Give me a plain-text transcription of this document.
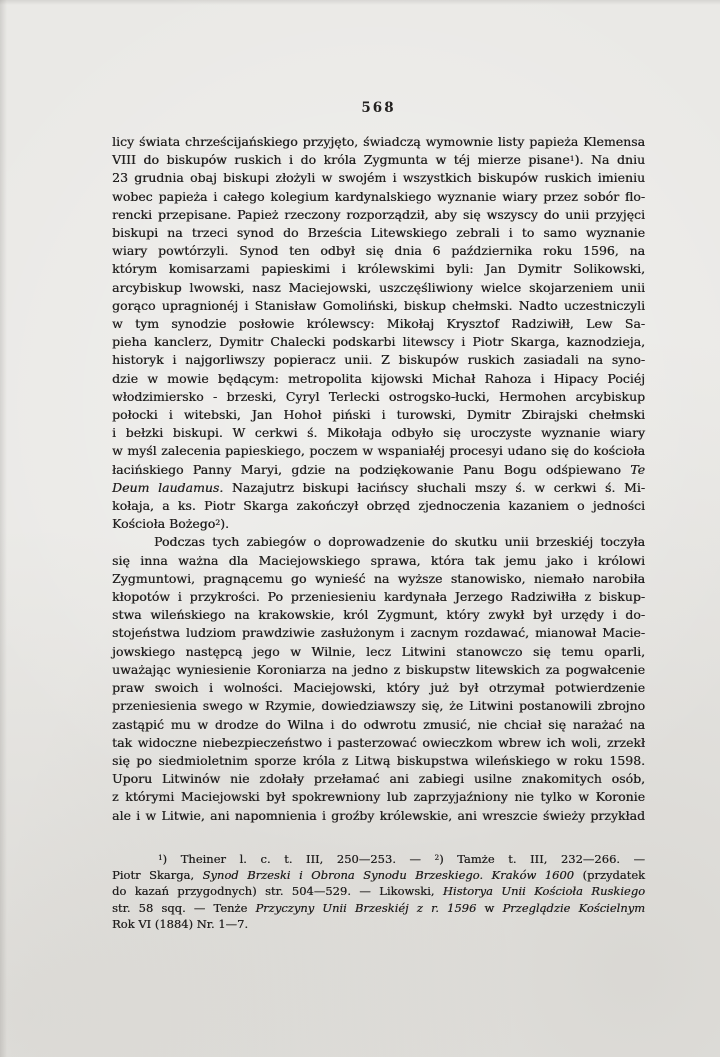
568
licy świata chrześcijańskiego przyjęto, świadczą wymownie listy papieża Klemensa
VIII do biskupów ruskich i do króla Zygmunta w téj mierze pisane$^1$). Na dniu
23 grudnia obaj biskupi złożyli w swojém i wszystkich biskupów ruskich imieniu
wobec papieża i całego kolegium kardynalskiego wyznanie wiary przez sobór flo-
rencki przepisane. Papież rzeczony rozporządził, aby się wszyscy do unii przyjęci
biskupi na trzeci synod do Brześcia Litewskiego zebrali i to samo wyznanie
wiary powtórzyli. Synod ten odbył się dnia 6 października roku 1596, na
którym komisarzami papieskimi i królewskimi byli: Jan Dymitr Solikowski,
arcybiskup lwowski, nasz Maciejowski, uszczęśliwiony wielce skojarzeniem unii
gorąco upragnionéj i Stanisław Gomoliński, biskup chełmski. Nadto uczestniczyli
w tym synodzie posłowie królewscy: Mikołaj Krysztof Radziwiłł, Lew Sa-
pieha kanclerz, Dymitr Chalecki podskarbi litewscy i Piotr Skarga, kaznodzieja,
historyk i najgorliwszy popieracz unii. Z biskupów ruskich zasiadali na syno-
dzie w mowie będącym: metropolita kijowski Michał Rahoza i Hipacy Pociéj
włodzimiersko - brzeski, Cyryl Terlecki ostrogsko-łucki, Hermohen arcybiskup
połocki i witebski, Jan Hohoł piński i turowski, Dymitr Zbirajski chełmski
i bełzki biskupi. W cerkwi ś. Mikołaja odbyło się uroczyste wyznanie wiary
w myśl zalecenia papieskiego, poczem w wspaniałéj procesyi udano się do kościoła
łacińskiego Panny Maryi, gdzie na podziękowanie Panu Bogu odśpiewano Te
Deum laudamus. Nazajutrz biskupi łacińscy słuchali mszy ś. w cerkwi ś. Mi-
kołaja, a ks. Piotr Skarga zakończył obrzęd zjednoczenia kazaniem o jedności
Kościoła Bożego$^2$).
Podczas tych zabiegów o doprowadzenie do skutku unii brzeskiéj toczyła
się inna ważna dla Maciejowskiego sprawa, która tak jemu jako i królowi
Zygmuntowi, pragnącemu go wynieść na wyższe stanowisko, niemało narobiła
kłopotów i przykrości. Po przeniesieniu kardynała Jerzego Radziwiłła z biskup-
stwa wileńskiego na krakowskie, król Zygmunt, który zwykł był urzędy i do-
stojeństwa ludziom prawdziwie zasłużonym i zacnym rozdawać, mianował Macie-
jowskiego następcą jego w Wilnie, lecz Litwini stanowczo się temu oparli,
uważając wyniesienie Koroniarza na jedno z biskupstw litewskich za pogwałcenie
praw swoich i wolności. Maciejowski, który już był otrzymał potwierdzenie
przeniesienia swego w Rzymie, dowiedziawszy się, że Litwini postanowili zbrojno
zastąpić mu w drodze do Wilna i do odwrotu zmusić, nie chciał się narażać na
tak widoczne niebezpieczeństwo i pasterzować owieczkom wbrew ich woli, zrzekł
się po siedmioletnim sporze króla z Litwą biskupstwa wileńskiego w roku 1598.
Uporu Litwinów nie zdołały przełamać ani zabiegi usilne znakomitych osób,
z którymi Maciejowski był spokrewniony lub zaprzyjaźniony nie tylko w Koronie
ale i w Litwie, ani napomnienia i groźby królewskie, ani wreszcie świeży przykład
$^1$) Theiner l. c. t. III, 250—253. — $^2$) Tamże t. III, 232—266. —
Piotr Skarga, Synod Brzeski i Obrona Synodu Brzeskiego. Kraków 1600 (przydatek
do kazań przygodnych) str. 504—529. — Likowski, Historya Unii Kościoła Ruskiego
str. 58 sqq. — Tenże Przyczyny Unii Brzeskiéj z r. 1596 w Przeglądzie Kościelnym
Rok VI (1884) Nr. 1—7.
